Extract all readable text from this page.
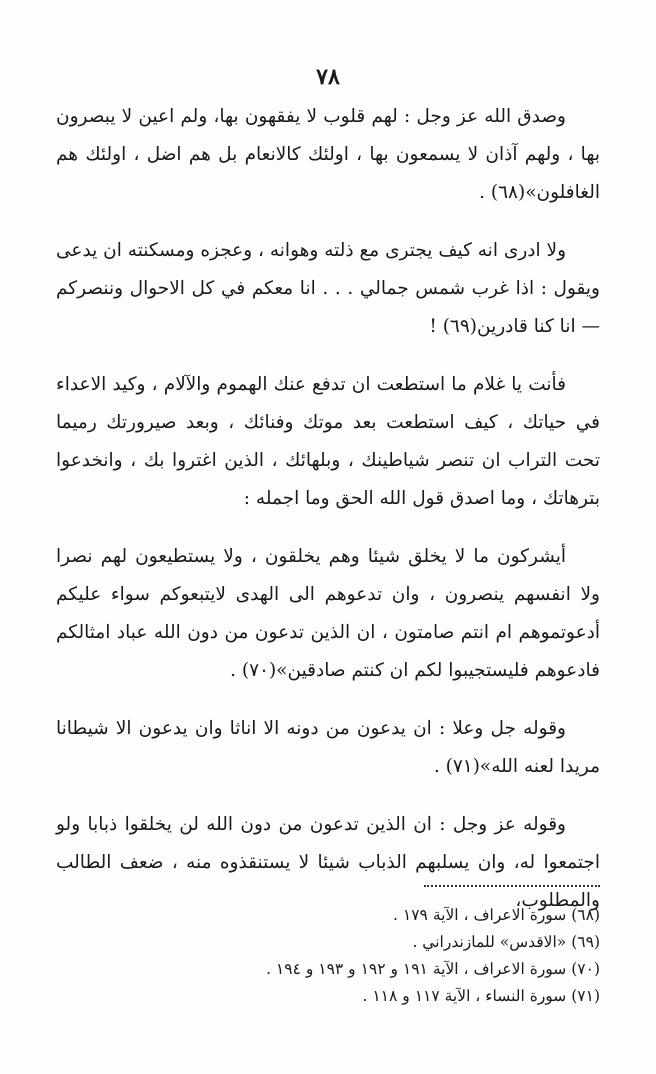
٧٨

وصدق الله عز وجل : لهم قلوب لا يفقهون بها، ولم اعين لا يبصرون بها ، ولهم آذان لا يسمعون بها ، اولئك كالانعام بل هم اضل ، اولئك هم الغافلون»(٦٨) .

ولا ادرى انه كيف يجترى مع ذلته وهوانه ، وعجزه ومسكنته ان يدعى ويقول : اذا غرب شمس جمالي . . . انا معكم في كل الاحوال وننصركم — انا كنا قادرين(٦٩) !

فأنت يا غلام ما استطعت ان تدفع عنك الهموم والآلام ، وكيد الاعداء في حياتك ، كيف استطعت بعد موتك وفنائك ، وبعد صيرورتك رميما تحت التراب ان تنصر شياطينك ، وبلهائك ، الذين اغتروا بك ، وانخدعوا بترهاتك ، وما اصدق قول الله الحق وما اجمله :

أيشركون ما لا يخلق شيئا وهم يخلقون ، ولا يستطيعون لهم نصرا ولا انفسهم ينصرون ، وان تدعوهم الى الهدى لايتبعوكم سواء عليكم أدعوتموهم ام انتم صامتون ، ان الذين تدعون من دون الله عباد امثالكم فادعوهم فليستجيبوا لكم ان كنتم صادقين»(٧٠) .

وقوله جل وعلا : ان يدعون من دونه الا اناثا وان يدعون الا شيطانا مريدا لعنه الله»(٧١) .

وقوله عز وجل : ان الذين تدعون من دون الله لن يخلقوا ذبابا ولو اجتمعوا له، وان يسلبهم الذباب شيئا لا يستنقذوه منه ، ضعف الطالب والمطلوب،

(٦٨) سورة الاعراف ، الآية ١٧٩ .
(٦٩) «الاقدس» للمازندراني .
(٧٠) سورة الاعراف ، الآية ١٩١ و ١٩٢ و ١٩٣ و ١٩٤ .
(٧١) سورة النساء ، الآية ١١٧ و ١١٨ .
